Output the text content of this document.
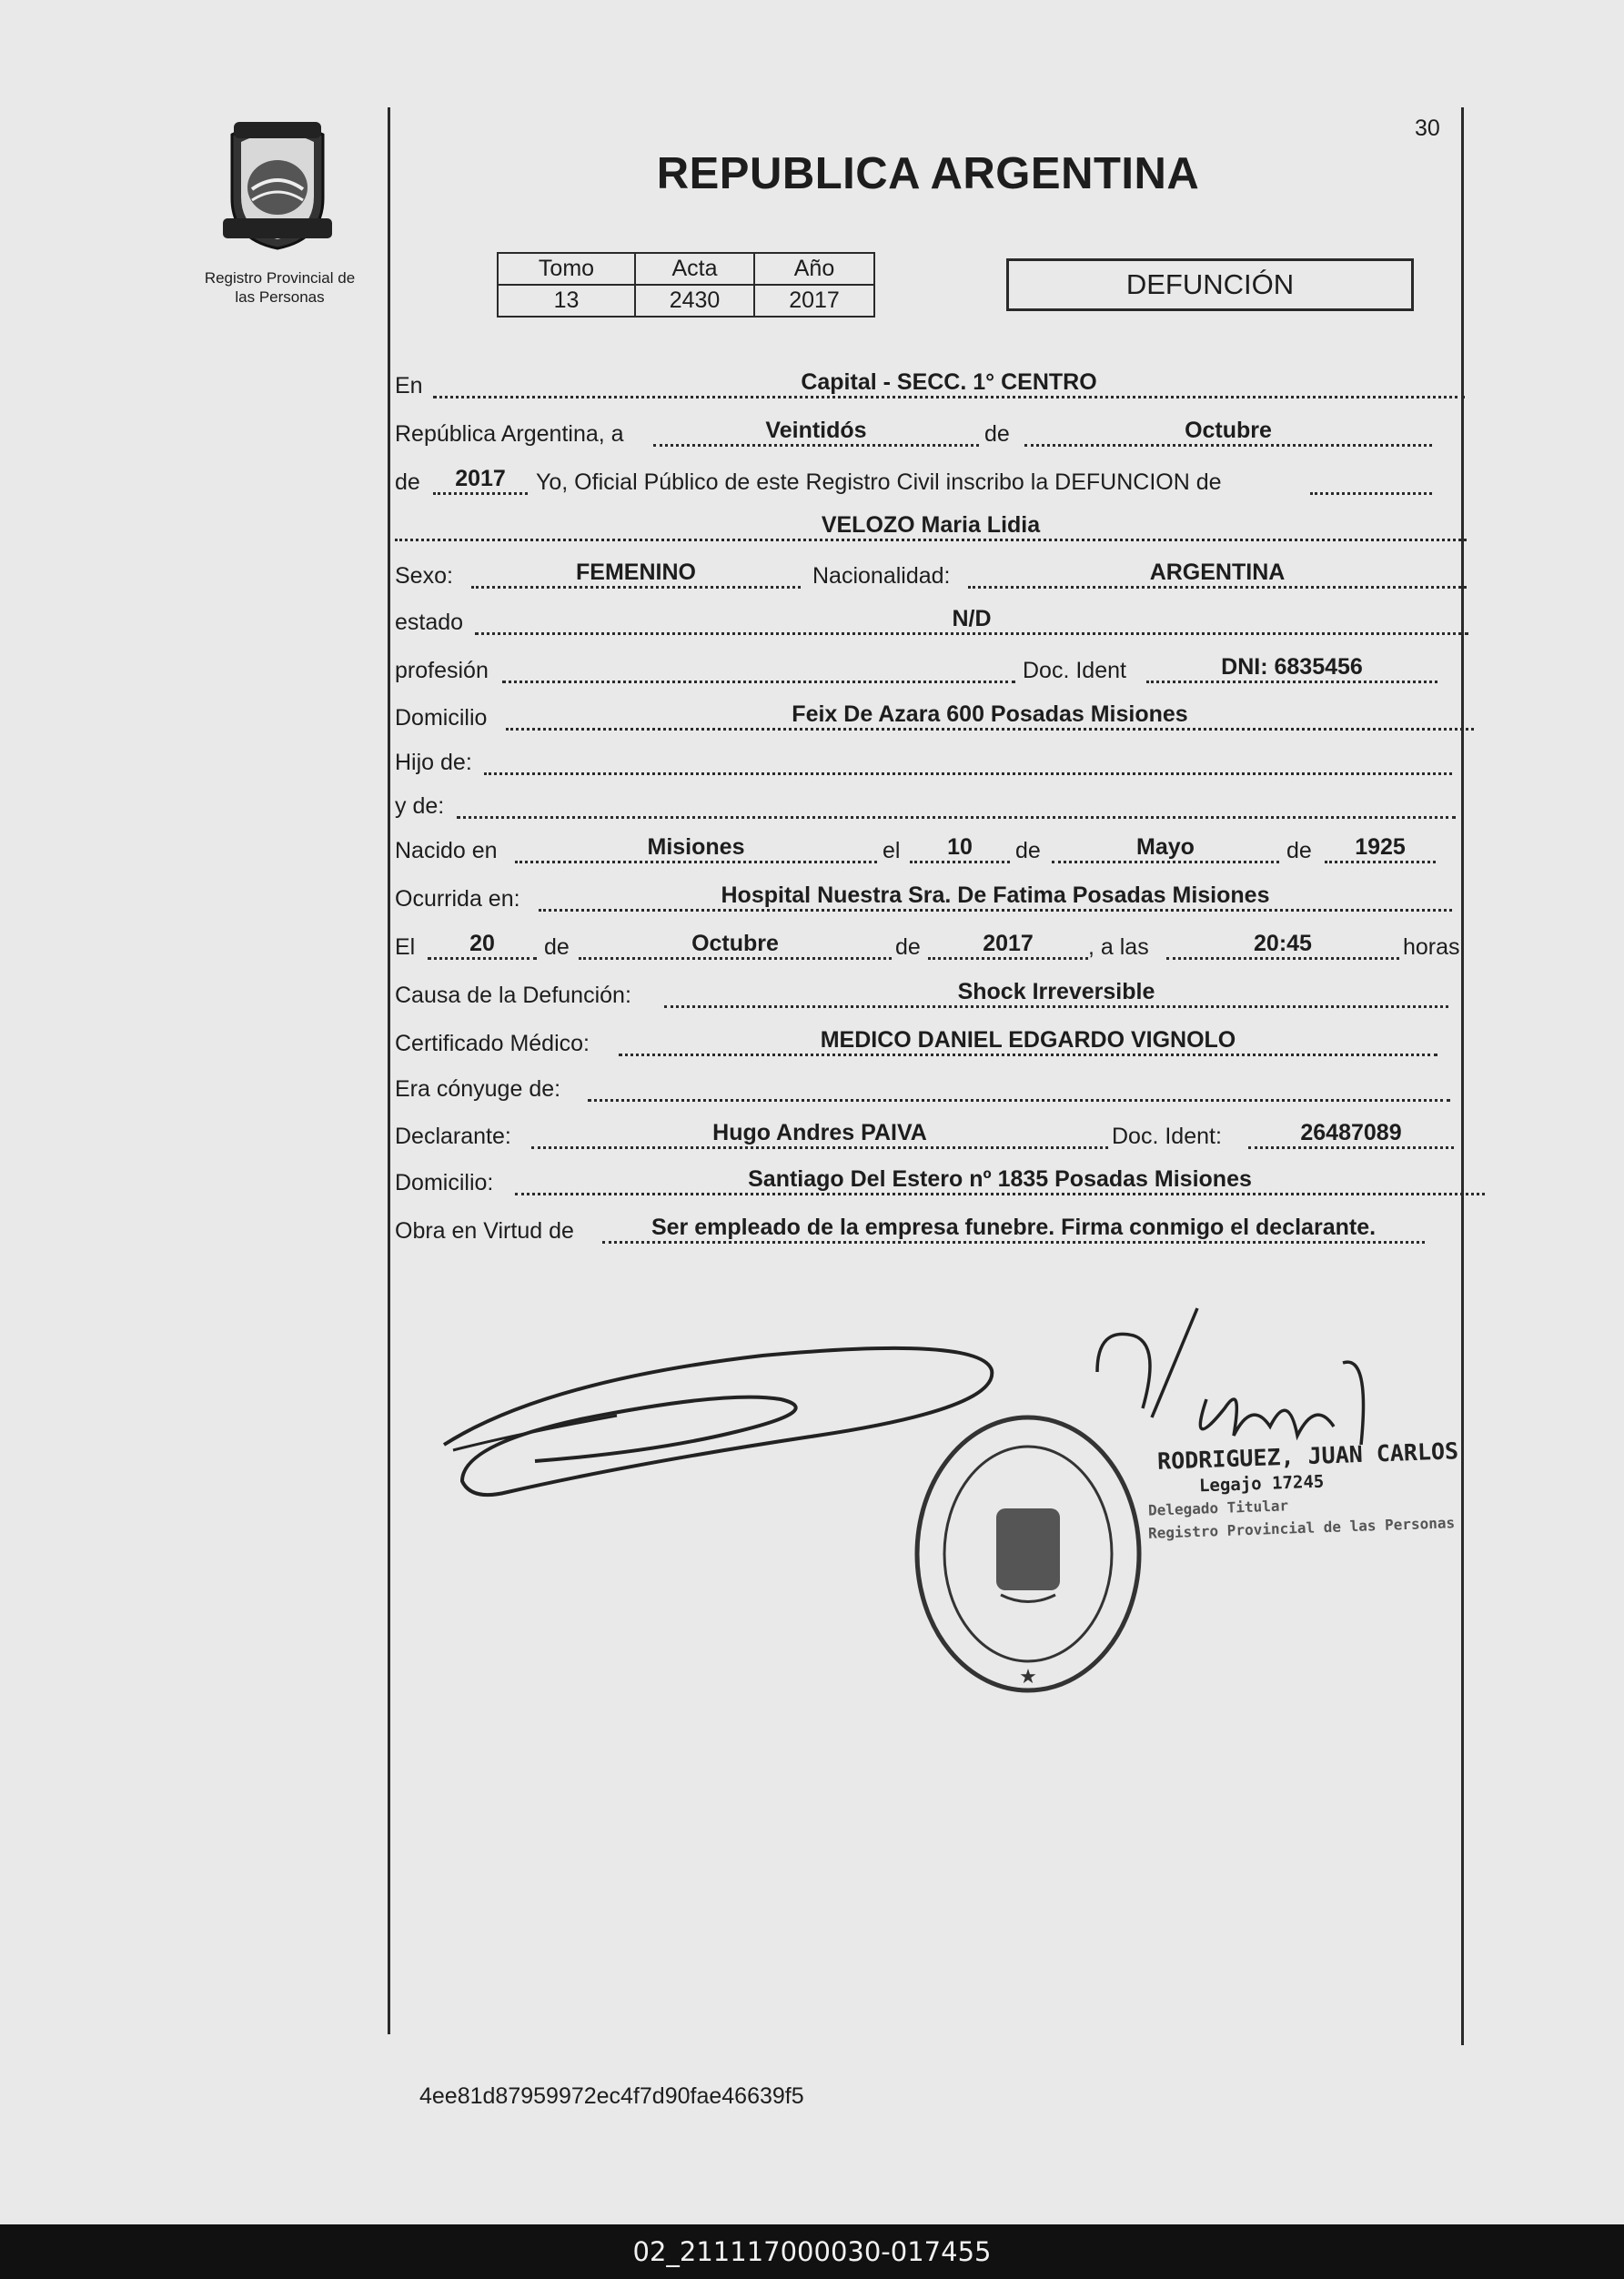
Registro Provincial de
las Personas
30
REPUBLICA ARGENTINA
Tomo	Acta	Año
13	2430	2017	DEFUNCIÓN
En	Capital - SECC. 1° CENTRO
República Argentina, a	Veintidós	de	Octubre
de	2017	Yo, Oficial Público de este Registro Civil inscribo la DEFUNCION de
VELOZO Maria Lidia
Sexo:	FEMENINO	Nacionalidad:	ARGENTINA
estado	N/D
profesión	Doc. Ident	DNI: 6835456
Domicilio	Feix De Azara 600 Posadas Misiones
Hijo de:
y de:
Nacido en	Misiones	el	10	de	Mayo	de	1925
Ocurrida en:	Hospital Nuestra Sra. De Fatima Posadas Misiones
El	20	de	Octubre	de	2017	, a las	20:45	horas
Causa de la Defunción:	Shock Irreversible
Certificado Médico:	MEDICO DANIEL EDGARDO VIGNOLO
Era cónyuge de:
Declarante:	Hugo Andres PAIVA	Doc. Ident:	26487089
Domicilio:	Santiago Del Estero nº 1835 Posadas Misiones
Obra en Virtud de	Ser empleado de la empresa funebre. Firma conmigo el declarante.
★
RODRIGUEZ, JUAN CARLOS
Legajo 17245
Delegado Titular
Registro Provincial de las Personas
4ee81d87959972ec4f7d90fae46639f5
02_211117000030-017455
